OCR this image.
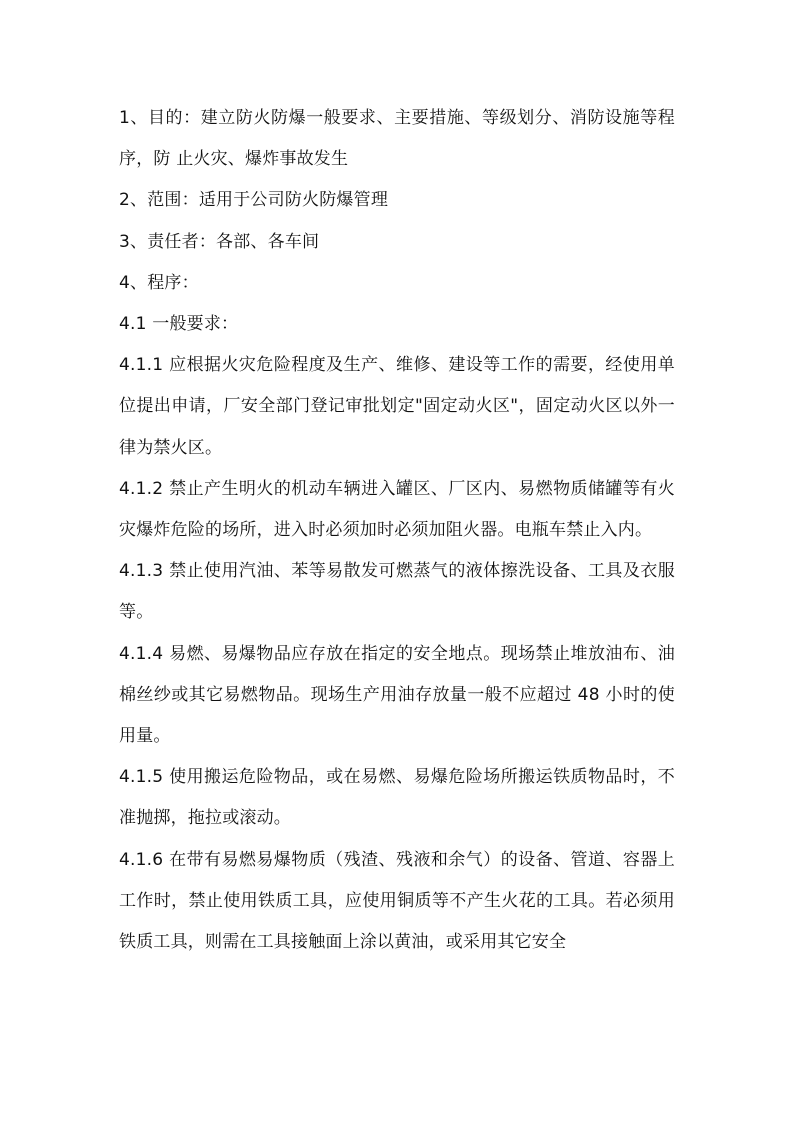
1、目的：建立防火防爆一般要求、主要措施、等级划分、消防设施等程序，防 止火灾、爆炸事故发生

2、范围：适用于公司防火防爆管理

3、责任者：各部、各车间

4、程序：

4.1 一般要求：

4.1.1 应根据火灾危险程度及生产、维修、建设等工作的需要，经使用单位提出申请，厂安全部门登记审批划定"固定动火区"，固定动火区以外一律为禁火区。

4.1.2 禁止产生明火的机动车辆进入罐区、厂区内、易燃物质储罐等有火灾爆炸危险的场所，进入时必须加时必须加阻火器。电瓶车禁止入内。

4.1.3 禁止使用汽油、苯等易散发可燃蒸气的液体擦洗设备、工具及衣服等。

4.1.4 易燃、易爆物品应存放在指定的安全地点。现场禁止堆放油布、油棉丝纱或其它易燃物品。现场生产用油存放量一般不应超过 48 小时的使用量。

4.1.5 使用搬运危险物品，或在易燃、易爆危险场所搬运铁质物品时，不准抛掷，拖拉或滚动。

4.1.6 在带有易燃易爆物质（残渣、残液和余气）的设备、管道、容器上工作时，禁止使用铁质工具，应使用铜质等不产生火花的工具。若必须用铁质工具，则需在工具接触面上涂以黄油，或采用其它安全
